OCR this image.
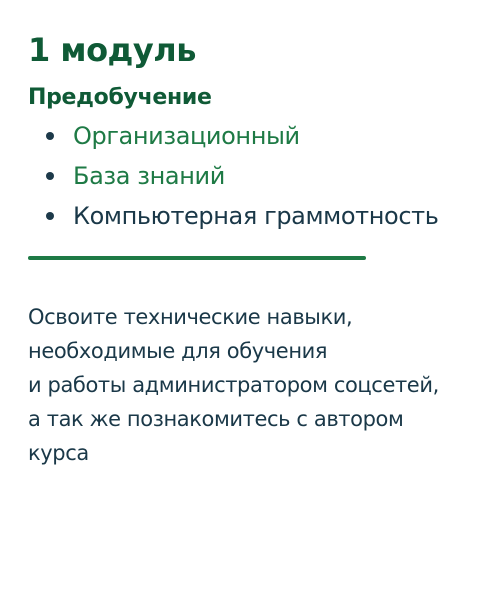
1 модуль
Предобучение
Организационный
База знаний
Компьютерная граммотность

Освоите технические навыки,
необходимые для обучения
и работы администратором соцсетей,
а так же познакомитесь с автором
курса
